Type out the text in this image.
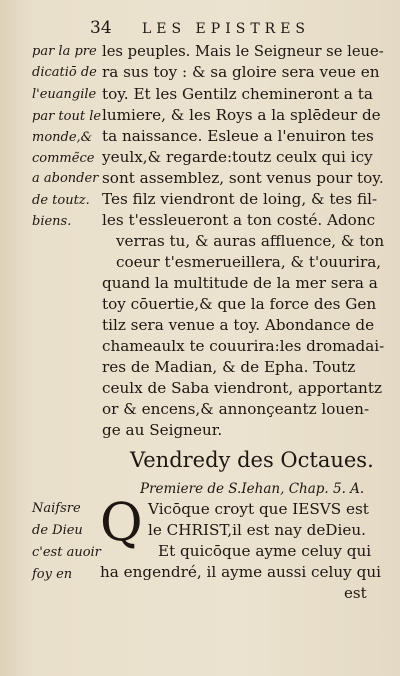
34 LES EPISTRES
par la pre
dicatiō de
l'euangile
par tout le
monde,&
commẽce
a abonder
de toutz.
biens.
Naifsre
de Dieu
c'est auoir
foy en
les peuples. Mais le Seigneur se leue-
ra sus toy : & sa gloire sera veue en
toy. Et les Gentilz chemineront a ta
lumiere, & les Roys a la splēdeur de
ta naissance. Esleue a l'enuiron tes
yeulx,& regarde:toutz ceulx qui icy
sont assemblez, sont venus pour toy.
Tes filz viendront de loing, & tes fil-
les t'essleueront a ton costé. Adonc
verras tu, & auras affluence, & ton
coeur t'esmerueillera, & t'ouurira,
quand la multitude de la mer sera a
toy cōuertie,& que la force des Gen
tilz sera venue a toy. Abondance de
chameaulx te couurira:les dromadai-
res de Madian, & de Epha. Toutz
ceulx de Saba viendront, apportantz
or & encens,& annonçeantz louen-
ge au Seigneur.
Vendredy des Octaues.
Premiere de S.Iehan, Chap. 5. A.
Q Vicōque croyt que IESVS est
le CHRIST,il est nay deDieu.
Et quicōque ayme celuy qui
ha engendré, il ayme aussi celuy qui
est
